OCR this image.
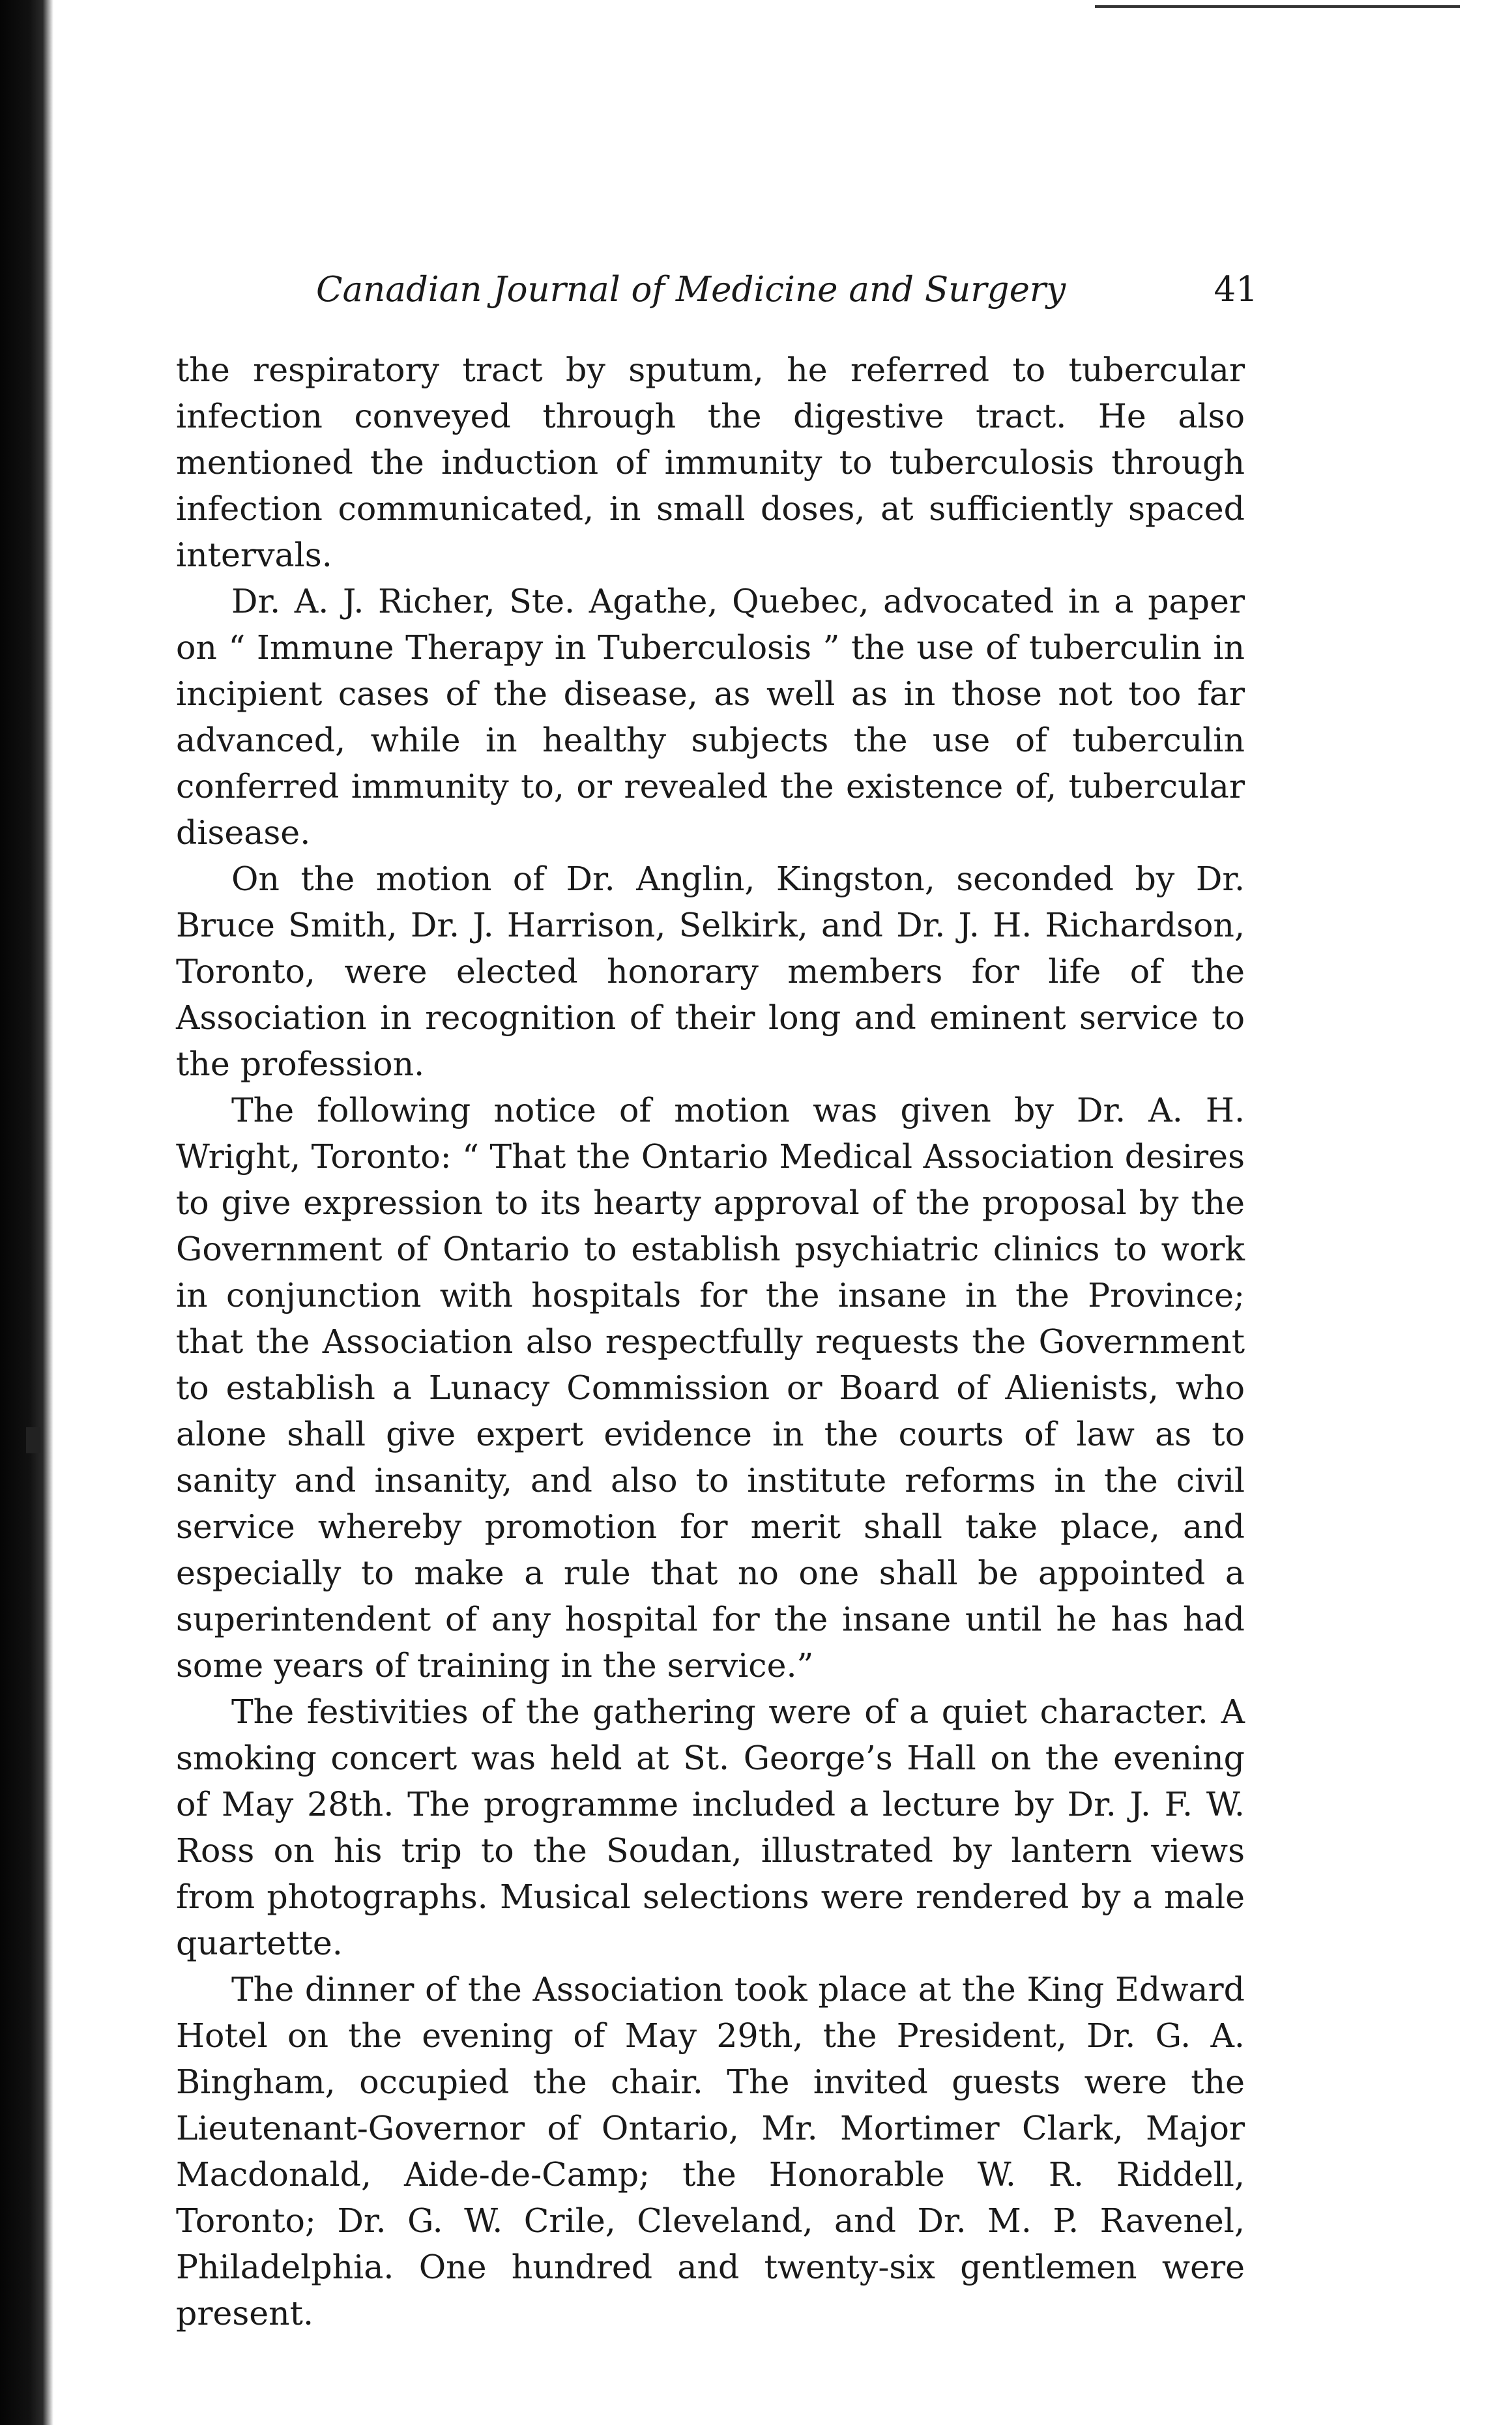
Canadian Journal of Medicine and Surgery	41

the respiratory tract by sputum, he referred to tubercular infection conveyed through the digestive tract. He also mentioned the induction of immunity to tuberculosis through infection communicated, in small doses, at sufficiently spaced intervals.

Dr. A. J. Richer, Ste. Agathe, Quebec, advocated in a paper on “ Immune Therapy in Tuberculosis ” the use of tuberculin in incipient cases of the disease, as well as in those not too far advanced, while in healthy subjects the use of tuberculin conferred immunity to, or revealed the existence of, tubercular disease.

On the motion of Dr. Anglin, Kingston, seconded by Dr. Bruce Smith, Dr. J. Harrison, Selkirk, and Dr. J. H. Richardson, Toronto, were elected honorary members for life of the Association in recognition of their long and eminent service to the profession.

The following notice of motion was given by Dr. A. H. Wright, Toronto: “ That the Ontario Medical Association desires to give expression to its hearty approval of the proposal by the Government of Ontario to establish psychiatric clinics to work in conjunction with hospitals for the insane in the Province; that the Association also respectfully requests the Government to establish a Lunacy Commission or Board of Alienists, who alone shall give expert evidence in the courts of law as to sanity and insanity, and also to institute reforms in the civil service whereby promotion for merit shall take place, and especially to make a rule that no one shall be appointed a superintendent of any hospital for the insane until he has had some years of training in the service.”

The festivities of the gathering were of a quiet character. A smoking concert was held at St. George’s Hall on the evening of May 28th. The programme included a lecture by Dr. J. F. W. Ross on his trip to the Soudan, illustrated by lantern views from photographs. Musical selections were rendered by a male quartette.

The dinner of the Association took place at the King Edward Hotel on the evening of May 29th, the President, Dr. G. A. Bingham, occupied the chair. The invited guests were the Lieutenant-Governor of Ontario, Mr. Mortimer Clark, Major Macdonald, Aide-de-Camp; the Honorable W. R. Riddell, Toronto; Dr. G. W. Crile, Cleveland, and Dr. M. P. Ravenel, Philadelphia. One hundred and twenty-six gentlemen were present.
